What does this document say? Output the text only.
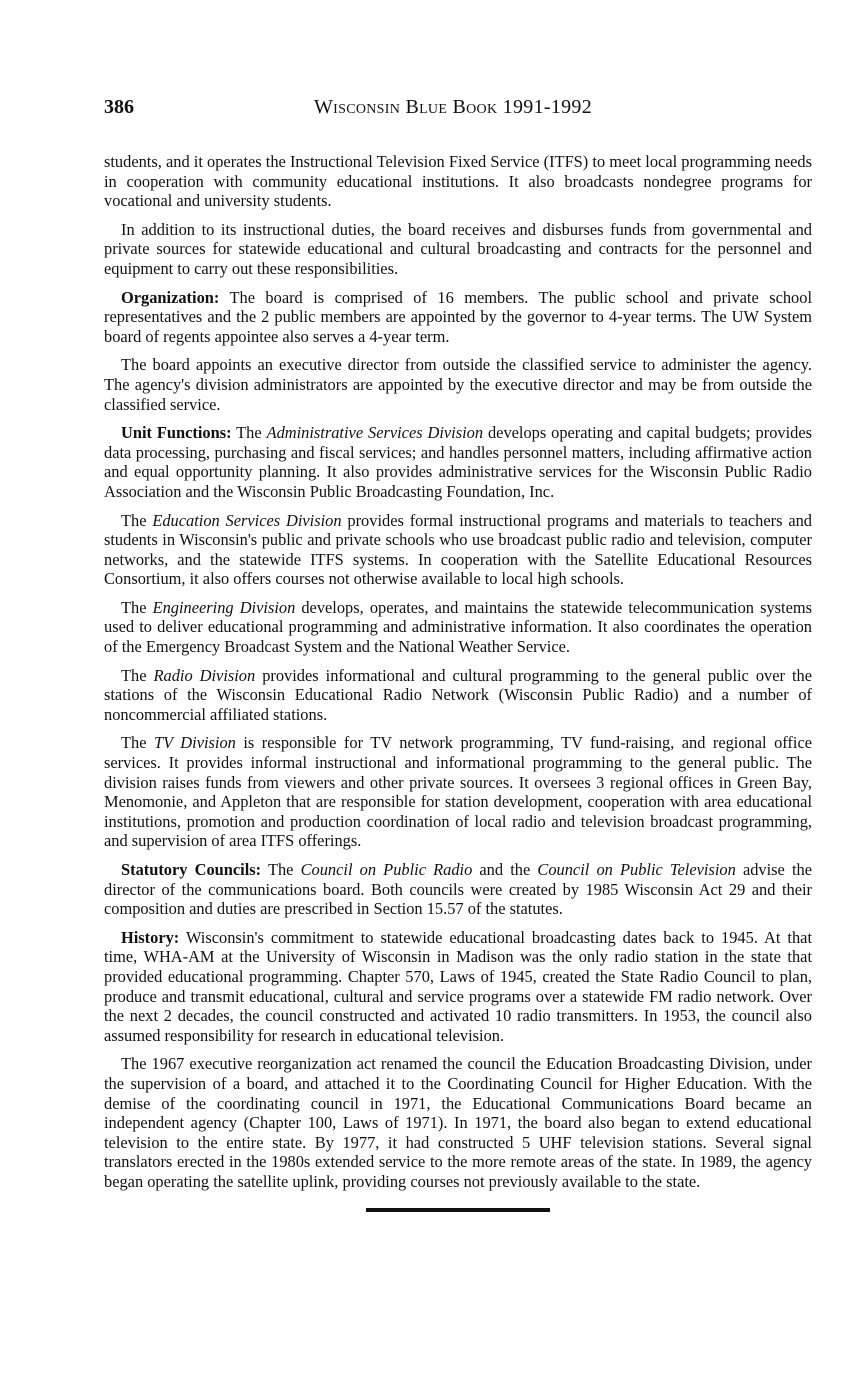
386	Wisconsin Blue Book 1991-1992

students, and it operates the Instructional Television Fixed Service (ITFS) to meet local programming needs in cooperation with community educational institutions. It also broadcasts nondegree programs for vocational and university students.

In addition to its instructional duties, the board receives and disburses funds from governmental and private sources for statewide educational and cultural broadcasting and contracts for the personnel and equipment to carry out these responsibilities.

Organization: The board is comprised of 16 members. The public school and private school representatives and the 2 public members are appointed by the governor to 4-year terms. The UW System board of regents appointee also serves a 4-year term.

The board appoints an executive director from outside the classified service to administer the agency. The agency's division administrators are appointed by the executive director and may be from outside the classified service.

Unit Functions: The Administrative Services Division develops operating and capital budgets; provides data processing, purchasing and fiscal services; and handles personnel matters, including affirmative action and equal opportunity planning. It also provides administrative services for the Wisconsin Public Radio Association and the Wisconsin Public Broadcasting Foundation, Inc.

The Education Services Division provides formal instructional programs and materials to teachers and students in Wisconsin's public and private schools who use broadcast public radio and television, computer networks, and the statewide ITFS systems. In cooperation with the Satellite Educational Resources Consortium, it also offers courses not otherwise available to local high schools.

The Engineering Division develops, operates, and maintains the statewide telecommunication systems used to deliver educational programming and administrative information. It also coordinates the operation of the Emergency Broadcast System and the National Weather Service.

The Radio Division provides informational and cultural programming to the general public over the stations of the Wisconsin Educational Radio Network (Wisconsin Public Radio) and a number of noncommercial affiliated stations.

The TV Division is responsible for TV network programming, TV fund-raising, and regional office services. It provides informal instructional and informational programming to the general public. The division raises funds from viewers and other private sources. It oversees 3 regional offices in Green Bay, Menomonie, and Appleton that are responsible for station development, cooperation with area educational institutions, promotion and production coordination of local radio and television broadcast programming, and supervision of area ITFS offerings.

Statutory Councils: The Council on Public Radio and the Council on Public Television advise the director of the communications board. Both councils were created by 1985 Wisconsin Act 29 and their composition and duties are prescribed in Section 15.57 of the statutes.

History: Wisconsin's commitment to statewide educational broadcasting dates back to 1945. At that time, WHA-AM at the University of Wisconsin in Madison was the only radio station in the state that provided educational programming. Chapter 570, Laws of 1945, created the State Radio Council to plan, produce and transmit educational, cultural and service programs over a statewide FM radio network. Over the next 2 decades, the council constructed and activated 10 radio transmitters. In 1953, the council also assumed responsibility for research in educational television.

The 1967 executive reorganization act renamed the council the Education Broadcasting Division, under the supervision of a board, and attached it to the Coordinating Council for Higher Education. With the demise of the coordinating council in 1971, the Educational Communications Board became an independent agency (Chapter 100, Laws of 1971). In 1971, the board also began to extend educational television to the entire state. By 1977, it had constructed 5 UHF television stations. Several signal translators erected in the 1980s extended service to the more remote areas of the state. In 1989, the agency began operating the satellite uplink, providing courses not previously available to the state.
